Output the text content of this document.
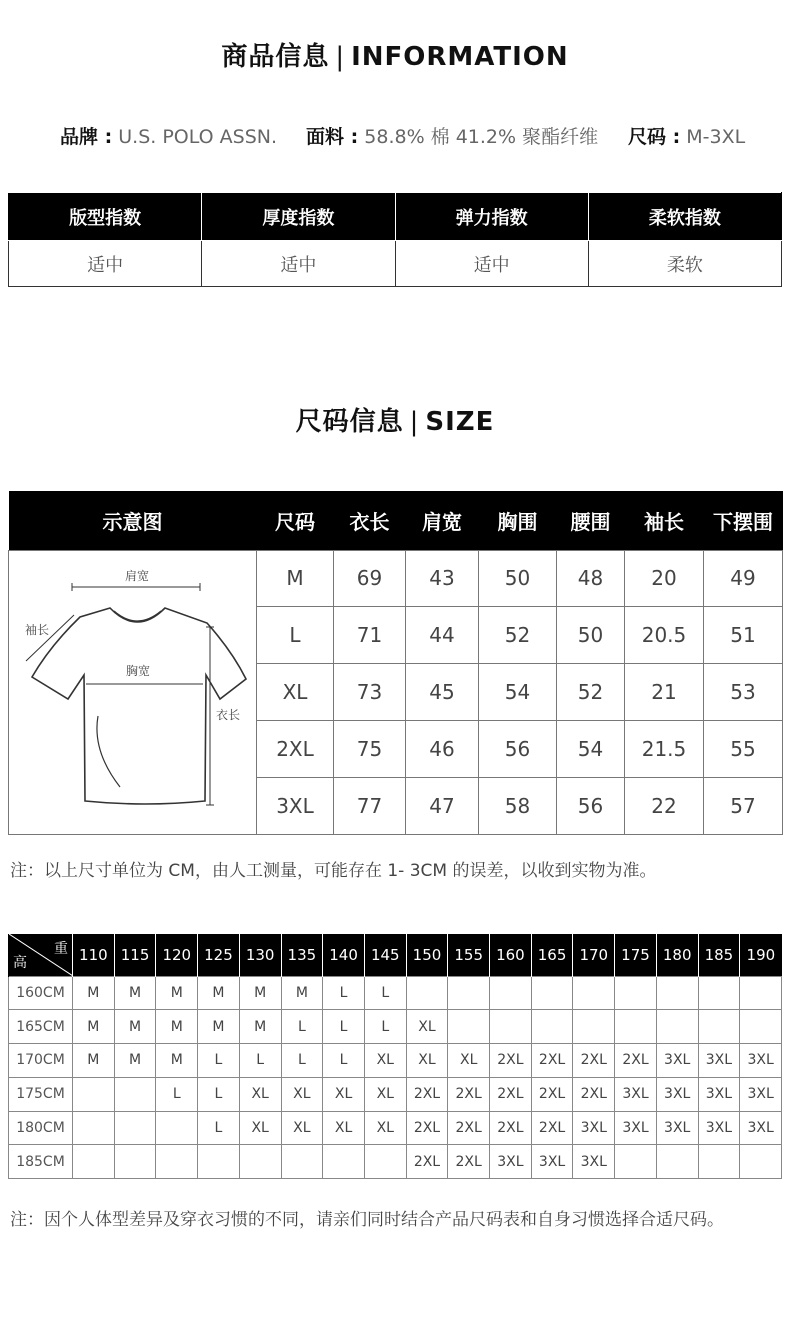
商品信息 | INFORMATION
品牌 : U.S. POLO ASSN. 面料 : 58.8% 棉 41.2% 聚酯纤维 尺码 : M-3XL
版型指数	厚度指数	弹力指数	柔软指数
适中	适中	适中	柔软
尺码信息 | SIZE
示意图	尺码	衣长	肩宽	胸围	腰围	袖长	下摆围

肩宽
袖长
胸宽
衣长	M	69	43	50	48	20	49
	L	71	44	52	50	20.5	51
	XL	73	45	54	52	21	53
	2XL	75	46	56	54	21.5	55
	3XL	77	47	58	56	22	57
注：以上尺寸单位为 CM，由人工测量，可能存在 1- 3CM 的误差，以收到实物为准。
重
高	110	115	120	125	130	135	140	145	150	155	160	165	170	175	180	185	190
160CM	M	M	M	M	M	M	L	L									
165CM	M	M	M	M	M	L	L	L	XL								
170CM	M	M	M	L	L	L	L	XL	XL	XL	2XL	2XL	2XL	2XL	3XL	3XL	3XL
175CM			L	L	XL	XL	XL	XL	2XL	2XL	2XL	2XL	2XL	3XL	3XL	3XL	3XL
180CM				L	XL	XL	XL	XL	2XL	2XL	2XL	2XL	3XL	3XL	3XL	3XL	3XL
185CM									2XL	2XL	3XL	3XL	3XL				
注：因个人体型差异及穿衣习惯的不同，请亲们同时结合产品尺码表和自身习惯选择合适尺码。
